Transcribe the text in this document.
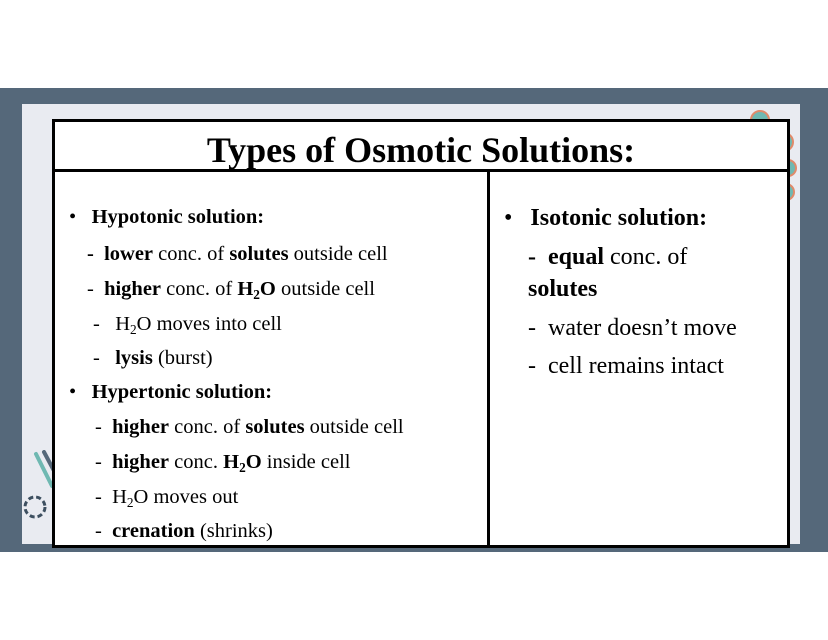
Types of Osmotic Solutions:
• Hypotonic solution:
- lower conc. of solutes outside cell
- higher conc. of $H_2O$ outside cell
- $H_2O$ moves into cell
- lysis (burst)
• Hypertonic solution:
- higher conc. of solutes outside cell
- higher conc. $H_2O$ inside cell
- $H_2O$ moves out
- crenation (shrinks)
• Isotonic solution:
- equal conc. of
solutes
- water doesn’t move
- cell remains intact
